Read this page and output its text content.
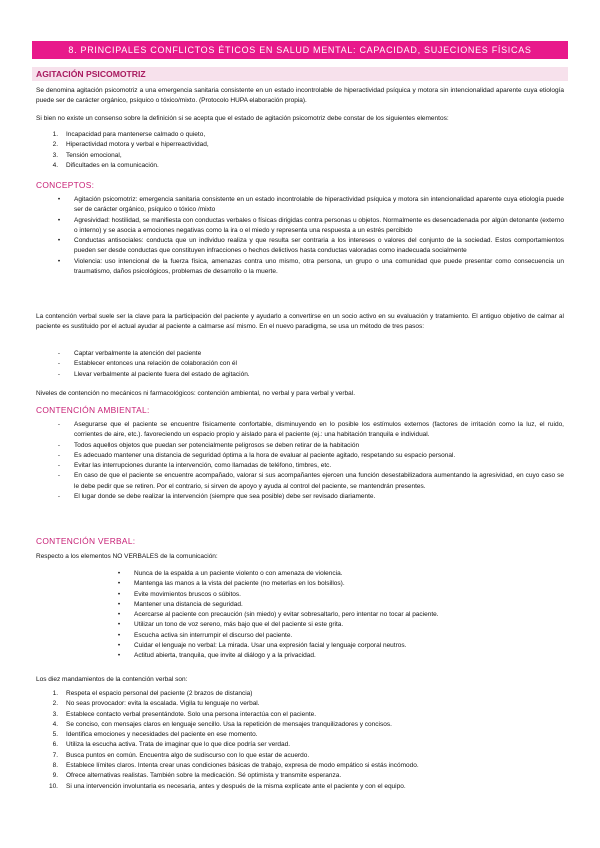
8. PRINCIPALES CONFLICTOS ÉTICOS EN SALUD MENTAL: CAPACIDAD, SUJECIONES FÍSICAS
AGITACIÓN PSICOMOTRIZ
Se denomina agitación psicomotriz a una emergencia sanitaria consistente en un estado incontrolable de hiperactividad psíquica y motora sin intencionalidad aparente cuya etiología puede ser de carácter orgánico, psíquico o tóxico/mixto. (Protocolo HUPA elaboración propia).
Si bien no existe un consenso sobre la definición si se acepta que el estado de agitación psicomotriz debe constar de los siguientes elementos:
1. Incapacidad para mantenerse calmado o quieto,
2. Hiperactividad motora y verbal e hiperreactividad,
3. Tensión emocional,
4. Dificultades en la comunicación.
CONCEPTOS:
•	Agitación psicomotriz: emergencia sanitaria consistente en un estado incontrolable de hiperactividad psíquica y motora sin intencionalidad aparente cuya etiología puede ser de carácter orgánico, psíquico o tóxico /mixto
•	Agresividad: hostilidad, se manifiesta con conductas verbales o físicas dirigidas contra personas u objetos. Normalmente es desencadenada por algún detonante (externo o interno) y se asocia a emociones negativas como la ira o el miedo y representa una respuesta a un estrés percibido
•	Conductas antisociales: conducta que un individuo realiza y que resulta ser contraria a los intereses o valores del conjunto de la sociedad. Estos comportamientos pueden ser desde conductas que constituyen infracciones o hechos delictivos hasta conductas valoradas como inadecuada socialmente
•	Violencia: uso intencional de la fuerza física, amenazas contra uno mismo, otra persona, un grupo o una comunidad que puede presentar como consecuencia un traumatismo, daños psicológicos, problemas de desarrollo o la muerte.
La contención verbal suele ser la clave para la participación del paciente y ayudarlo a convertirse en un socio activo en su evaluación y tratamiento. El antiguo objetivo de calmar al paciente es sustituido por el actual ayudar al paciente a calmarse así mismo. En el nuevo paradigma, se usa un método de tres pasos:
-	Captar verbalmente la atención del paciente
-	Establecer entonces una relación de colaboración con él
-	Llevar verbalmente al paciente fuera del estado de agitación.
Niveles de contención no mecánicos ni farmacológicos: contención ambiental, no verbal y para verbal y verbal.
CONTENCIÓN AMBIENTAL:
-	Asegurarse que el paciente se encuentre físicamente confortable, disminuyendo en lo posible los estímulos externos (factores de irritación como la luz, el ruido, corrientes de aire, etc.). favoreciendo un espacio propio y aislado para el paciente (ej.: una habitación tranquila e individual.
-	Todos aquellos objetos que puedan ser potencialmente peligrosos se deben retirar de la habitación
-	Es adecuado mantener una distancia de seguridad óptima a la hora de evaluar al paciente agitado, respetando su espacio personal.
-	Evitar las interrupciones durante la intervención, como llamadas de teléfono, timbres, etc.
-	En caso de que el paciente se encuentre acompañado, valorar si sus acompañantes ejercen una función desestabilizadora aumentando la agresividad, en cuyo caso se le debe pedir que se retiren. Por el contrario, si sirven de apoyo y ayuda al control del paciente, se mantendrán presentes.
-	El lugar donde se debe realizar la intervención (siempre que sea posible) debe ser revisado diariamente.
CONTENCIÓN VERBAL:
Respecto a los elementos NO VERBALES de la comunicación:
•	Nunca de la espalda a un paciente violento o con amenaza de violencia.
•	Mantenga las manos a la vista del paciente (no meterlas en los bolsillos).
•	Evite movimientos bruscos o súbitos.
•	Mantener una distancia de seguridad.
•	Acercarse al paciente con precaución (sin miedo) y evitar sobresaltarlo, pero intentar no tocar al paciente.
•	Utilizar un tono de voz sereno, más bajo que el del paciente si este grita.
•	Escucha activa sin interrumpir el discurso del paciente.
•	Cuidar el lenguaje no verbal: La mirada. Usar una expresión facial y lenguaje corporal neutros.
•	Actitud abierta, tranquila, que invite al diálogo y a la privacidad.
Los diez mandamientos de la contención verbal son:
1. Respeta el espacio personal del paciente (2 brazos de distancia)
2. No seas provocador: evita la escalada. Vigila tu lenguaje no verbal.
3. Establece contacto verbal presentándote. Solo una persona interactúa con el paciente.
4. Se conciso, con mensajes claros en lenguaje sencillo. Usa la repetición de mensajes tranquilizadores y concisos.
5. Identifica emociones y necesidades del paciente en ese momento.
6. Utiliza la escucha activa. Trata de imaginar que lo que dice podría ser verdad.
7. Busca puntos en común. Encuentra algo de sudiscurso con lo que estar de acuerdo.
8. Establece límites claros. Intenta crear unas condiciones básicas de trabajo, expresa de modo empático si estás incómodo.
9. Ofrece alternativas realistas. También sobre la medicación. Sé optimista y transmite esperanza.
10. Si una intervención involuntaria es necesaria, antes y después de la misma explícate ante el paciente y con el equipo.
